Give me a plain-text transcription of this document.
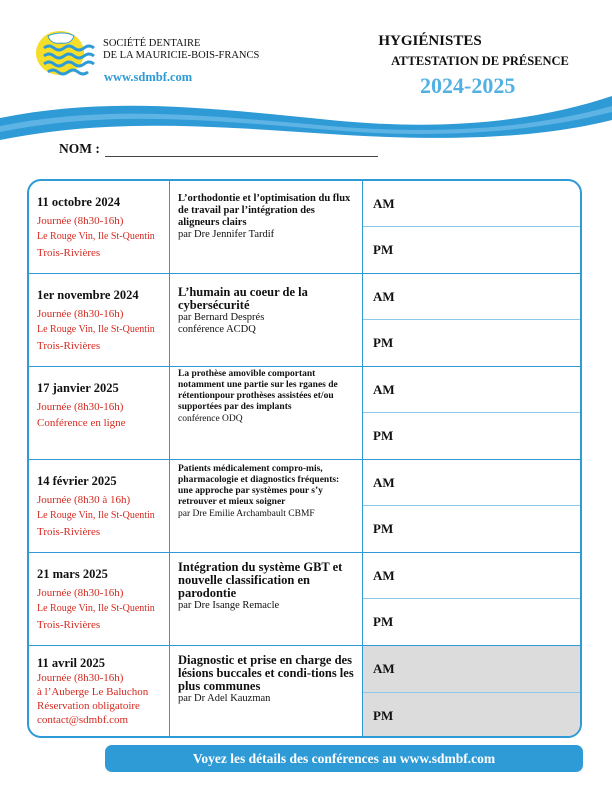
SOCIÉTÉ DENTAIRE
DE LA MAURICIE-BOIS-FRANCS
www.sdmbf.com
HYGIÉNISTES
ATTESTATION DE PRÉSENCE
2024-2025
NOM :
11 octobre 2024
Journée (8h30-16h)
Le Rouge Vin, Ile St-Quentin
Trois-Rivières
L’orthodontie et l’optimisation du flux de travail par l’intégration des aligneurs clairs
par Dre Jennifer Tardif
AM
PM
1er novembre 2024
Journée (8h30-16h)
Le Rouge Vin, Ile St-Quentin
Trois-Rivières
L’humain au coeur de la cybersécurité
par Bernard Després
conférence ACDQ
AM
PM
17 janvier 2025
Journée (8h30-16h)
Conférence en ligne
La prothèse amovible comportant notamment une partie sur les rganes de rétentionpour prothèses assistées et/ou supportées par des implants
conférence ODQ
AM
PM
14 février 2025
Journée (8h30 à 16h)
Le Rouge Vin, Ile St-Quentin
Trois-Rivières
Patients médicalement compro-mis, pharmacologie et diagnostics fréquents: une approche par systèmes pour s’y retrouver et mieux soigner
par Dre Emilie Archambault CBMF
AM
PM
21 mars 2025
Journée (8h30-16h)
Le Rouge Vin, Ile St-Quentin
Trois-Rivières
Intégration du système GBT et nouvelle classification en parodontie
par Dre Isange Remacle
AM
PM
11 avril 2025
Journée (8h30-16h)
à l’Auberge Le Baluchon
Réservation obligatoire
contact@sdmbf.com
Diagnostic et prise en charge des lésions buccales et condi-tions les plus communes
par Dr Adel Kauzman
AM
PM
Voyez les détails des conférences au www.sdmbf.com
